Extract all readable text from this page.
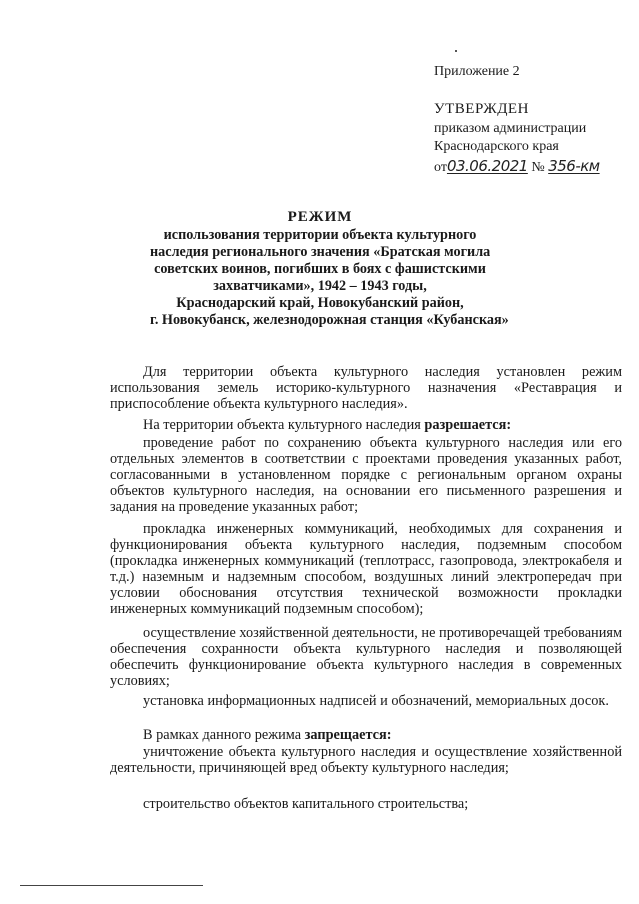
Приложение 2
УТВЕРЖДЕН
приказом администрации
Краснодарского края
от03.06.2021 № 356-км
РЕЖИМ
использования территории объекта культурного
наследия регионального значения «Братская могила
советских воинов, погибших в боях с фашистскими
захватчиками», 1942 – 1943 годы,
Краснодарский край, Новокубанский район,
г. Новокубанск, железнодорожная станция «Кубанская»
Для территории объекта культурного наследия установлен режим использования земель историко-культурного назначения «Реставрация и приспособление объекта культурного наследия».
На территории объекта культурного наследия разрешается:
проведение работ по сохранению объекта культурного наследия или его отдельных элементов в соответствии с проектами проведения указанных работ, согласованными в установленном порядке с региональным органом охраны объектов культурного наследия, на основании его письменного разрешения и задания на проведение указанных работ;
прокладка инженерных коммуникаций, необходимых для сохранения и функционирования объекта культурного наследия, подземным способом (прокладка инженерных коммуникаций (теплотрасс, газопровода, электрокабеля и т.д.) наземным и надземным способом, воздушных линий электропередач при условии обоснования отсутствия технической возможности прокладки инженерных коммуникаций подземным способом);
осуществление хозяйственной деятельности, не противоречащей требованиям обеспечения сохранности объекта культурного наследия и позволяющей обеспечить функционирование объекта культурного наследия в современных условиях;
установка информационных надписей и обозначений, мемориальных досок.
В рамках данного режима запрещается:
уничтожение объекта культурного наследия и осуществление хозяйственной деятельности, причиняющей вред объекту культурного наследия;
строительство объектов капитального строительства;
